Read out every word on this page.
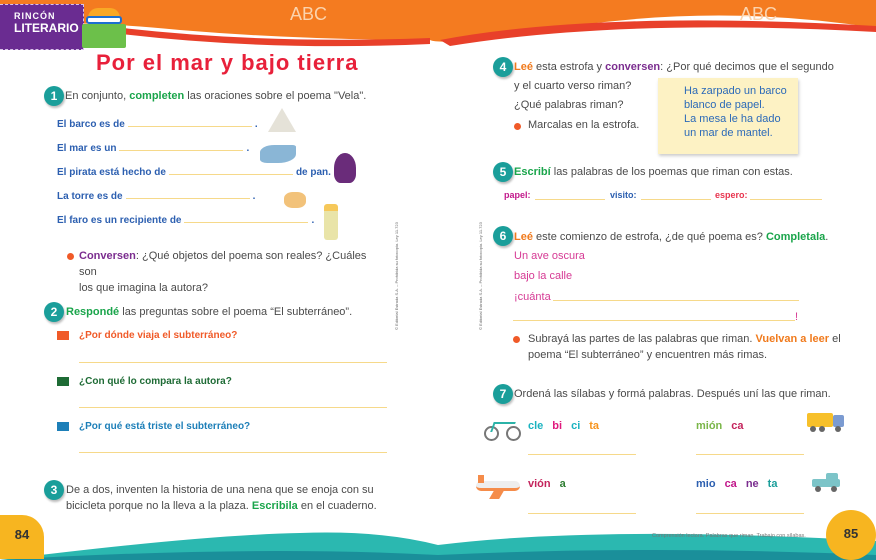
ABC	ABC
RINCÓN
LITERARIO
Por el mar y bajo tierra
1 En conjunto, completen las oraciones sobre el poema "Vela".
El barco es de	.
El mar es un	.
El pirata está hecho de	de pan.
La torre es de	.
El faro es un recipiente de	.
Conversen: ¿Qué objetos del poema son reales? ¿Cuáles son
los que imagina la autora?
2 Respondé las preguntas sobre el poema “El subterráneo”.
¿Por dónde viaja el subterráneo?
¿Con qué lo compara la autora?
¿Por qué está triste el subterráneo?
3 De a dos, inventen la historia de una nena que se enoja con su
bicicleta porque no la lleva a la plaza. Escribila en el cuaderno.
© Editorial Estrada S.A. – Prohibida su fotocopia. Ley 11.723	© Editorial Estrada S.A. – Prohibida su fotocopia. Ley 11.723
84	85
Comprensión lectora. Palabras que riman. Trabajo con sílabas.
4 Leé esta estrofa y conversen: ¿Por qué decimos que el segundo
y el cuarto verso riman?
¿Qué palabras riman?
Marcalas en la estrofa.
Ha zarpado un barco
blanco de papel.
La mesa le ha dado
un mar de mantel.
5 Escribí las palabras de los poemas que riman con estas.
papel:	visito:	espero:
6 Leé este comienzo de estrofa, ¿de qué poema es? Completala.
Un ave oscura
bajo la calle
¡cuánta
!
Subrayá las partes de las palabras que riman. Vuelvan a leer el
poema “El subterráneo” y encuentren más rimas.
7 Ordená las sílabas y formá palabras. Después uní las que riman.
cle bi ci ta	mión ca
vión a	mio ca ne ta
